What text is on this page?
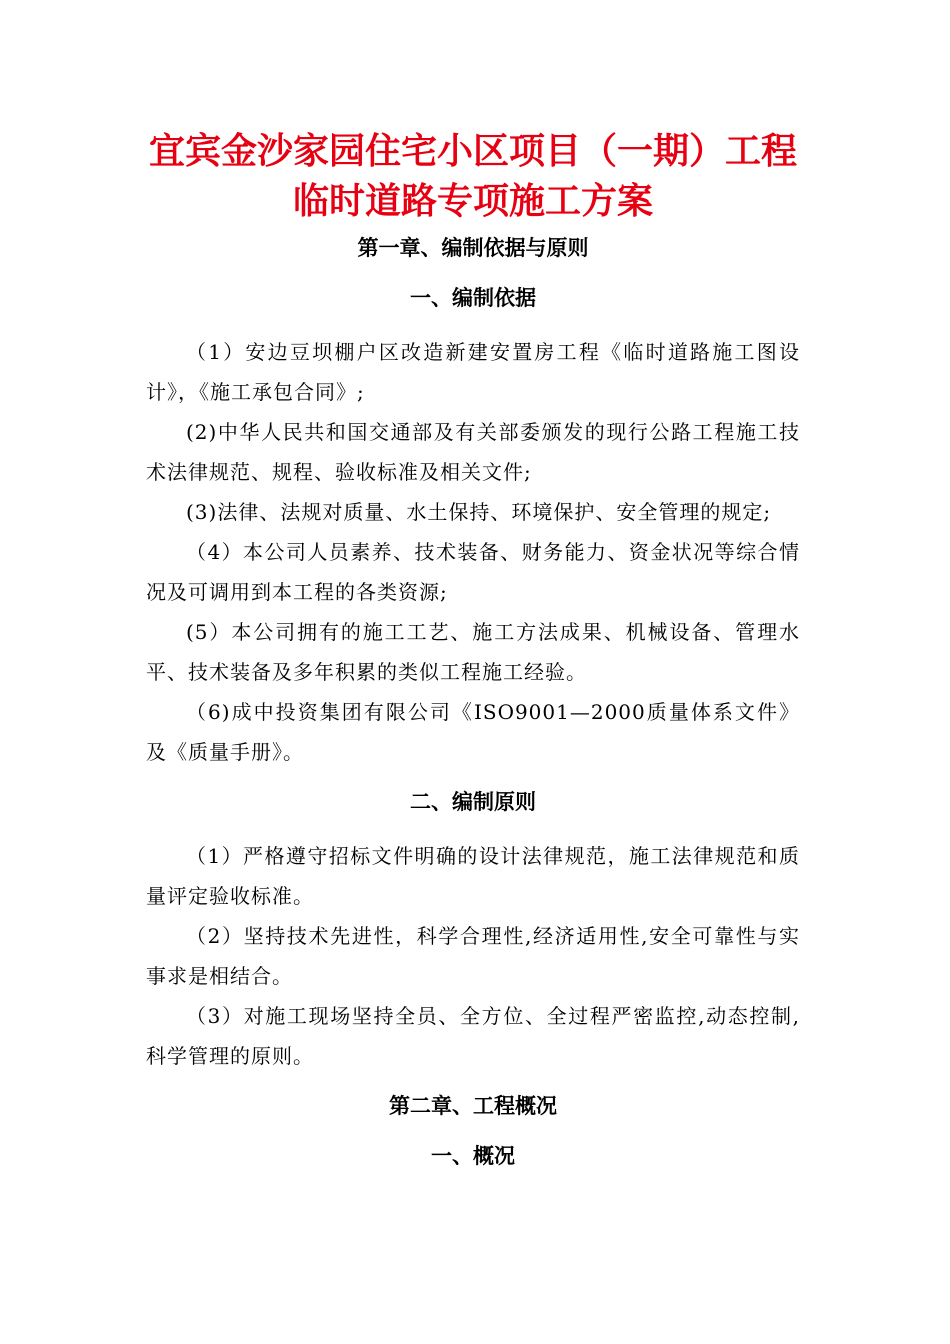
宜宾金沙家园住宅小区项目（一期）工程
临时道路专项施工方案
第一章、编制依据与原则
一、编制依据

（1）安边豆坝棚户区改造新建安置房工程《临时道路施工图设计》，《施工承包合同》;

(2)中华人民共和国交通部及有关部委颁发的现行公路工程施工技术法律规范、规程、验收标准及相关文件;

(3)法律、法规对质量、水土保持、环境保护、安全管理的规定;

（4）本公司人员素养、技术装备、财务能力、资金状况等综合情况及可调用到本工程的各类资源;

(5）本公司拥有的施工工艺、施工方法成果、机械设备、管理水平、技术装备及多年积累的类似工程施工经验。

（6)成中投资集团有限公司《ISO9001—2000质量体系文件》及《质量手册》。

二、编制原则

（1）严格遵守招标文件明确的设计法律规范，施工法律规范和质量评定验收标准。

（2）坚持技术先进性，科学合理性,经济适用性,安全可靠性与实事求是相结合。

（3）对施工现场坚持全员、全方位、全过程严密监控,动态控制,科学管理的原则。

第二章、工程概况
一、概况
